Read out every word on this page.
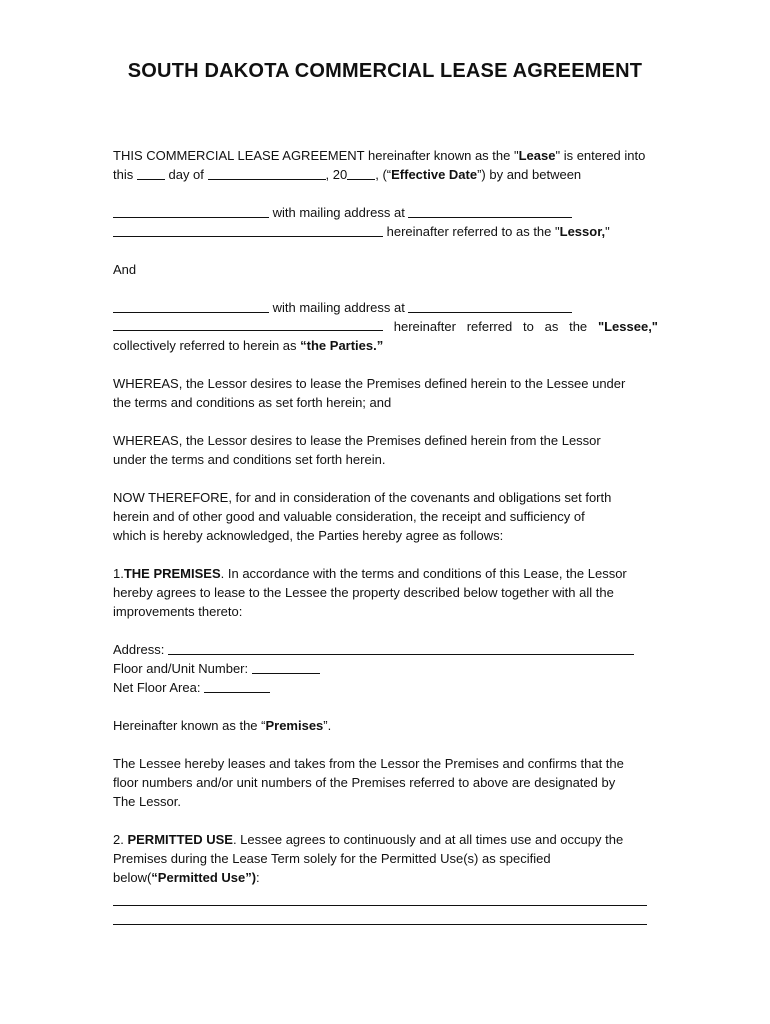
SOUTH DAKOTA COMMERCIAL LEASE AGREEMENT
THIS COMMERCIAL LEASE AGREEMENT hereinafter known as the "Lease" is entered into
this	day of	, 20 , (“Effective Date”) by and between
with mailing address at
hereinafter referred to as the "Lessor,"
And
with mailing address at
hereinafter referred to as the "Lessee,"
collectively referred to herein as “the Parties.”
WHEREAS, the Lessor desires to lease the Premises defined herein to the Lessee under
the terms and conditions as set forth herein; and
WHEREAS, the Lessor desires to lease the Premises defined herein from the Lessor
under the terms and conditions set forth herein.
NOW THEREFORE, for and in consideration of the covenants and obligations set forth
herein and of other good and valuable consideration, the receipt and sufficiency of
which is hereby acknowledged, the Parties hereby agree as follows:
1.THE PREMISES. In accordance with the terms and conditions of this Lease, the Lessor
hereby agrees to lease to the Lessee the property described below together with all the
improvements thereto:
Address:
Floor and/Unit Number:
Net Floor Area:
Hereinafter known as the “Premises”.
The Lessee hereby leases and takes from the Lessor the Premises and confirms that the
floor numbers and/or unit numbers of the Premises referred to above are designated by
The Lessor.
2. PERMITTED USE. Lessee agrees to continuously and at all times use and occupy the
Premises during the Lease Term solely for the Permitted Use(s) as specified
below(“Permitted Use”):
